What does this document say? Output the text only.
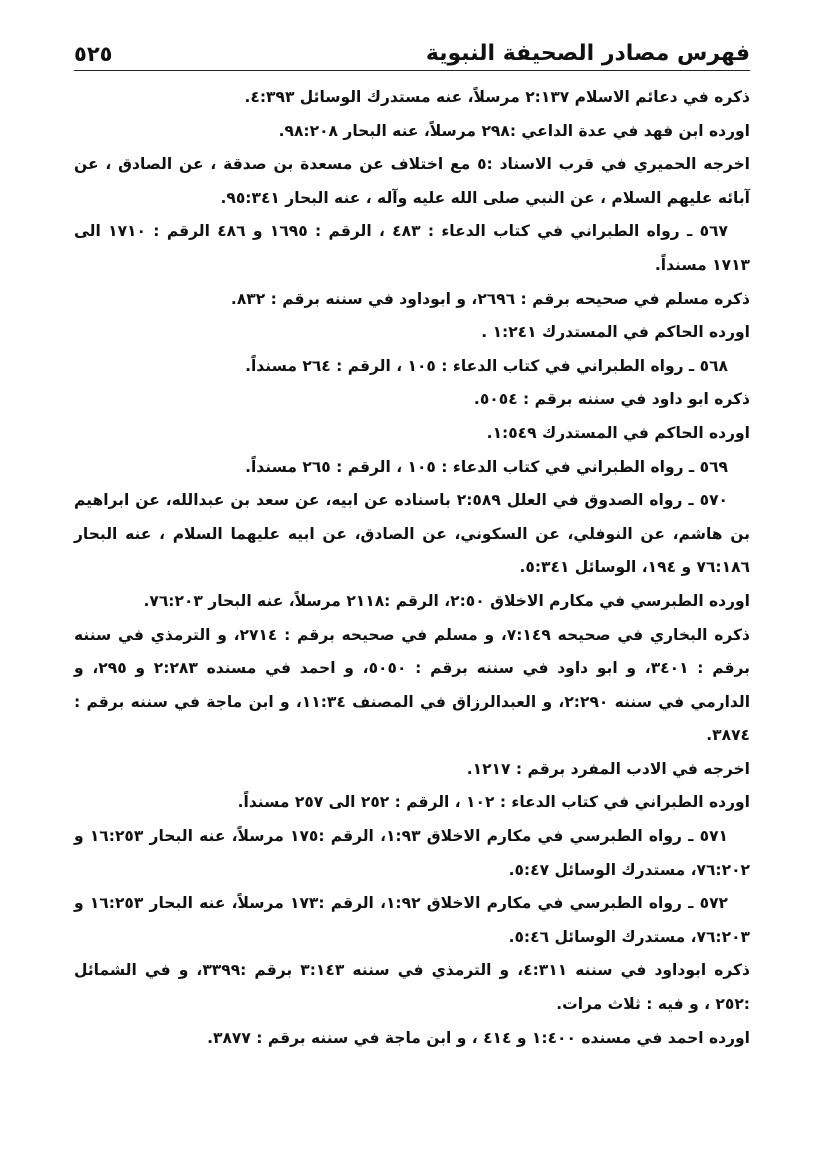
فهرس مصادر الصحيفة النبوية
٥٢٥

ذكره في دعائم الاسلام ٢:١٣٧ مرسلاً، عنه مستدرك الوسائل ٤:٣٩٣.

اورده ابن فهد في عدة الداعي :٢٩٨ مرسلاً، عنه البحار ٩٨:٢٠٨.

اخرجه الحميري في قرب الاسناد :٥ مع اختلاف عن مسعدة بن صدقة ، عن الصادق ، عن آبائه عليهم السلام ، عن النبي صلى الله عليه وآله ، عنه البحار ٩٥:٣٤١.

٥٦٧ ـ رواه الطبراني في كتاب الدعاء : ٤٨٣ ، الرقم : ١٦٩٥ و ٤٨٦ الرقم : ١٧١٠ الى ١٧١٣ مسنداً.

ذكره مسلم في صحيحه برقم : ٢٦٩٦، و ابوداود في سننه برقم : ٨٣٢.

اورده الحاكم في المستدرك ١:٢٤١ .

٥٦٨ ـ رواه الطبراني في كتاب الدعاء : ١٠٥ ، الرقم : ٢٦٤ مسنداً.

ذكره ابو داود في سننه برقم : ٥٠٥٤.

اورده الحاكم في المستدرك ١:٥٤٩.

٥٦٩ ـ رواه الطبراني في كتاب الدعاء : ١٠٥ ، الرقم : ٢٦٥ مسنداً.

٥٧٠ ـ رواه الصدوق في العلل ٢:٥٨٩ باسناده عن ابيه، عن سعد بن عبدالله، عن ابراهيم بن هاشم، عن النوفلي، عن السكوني، عن الصادق، عن ابيه عليهما السلام ، عنه البحار ٧٦:١٨٦ و ١٩٤، الوسائل ٥:٣٤١.

اورده الطبرسي في مكارم الاخلاق ٢:٥٠، الرقم :٢١١٨ مرسلاً، عنه البحار ٧٦:٢٠٣.

ذكره البخاري في صحيحه ٧:١٤٩، و مسلم في صحيحه برقم : ٢٧١٤، و الترمذي في سننه برقم : ٣٤٠١، و ابو داود في سننه برقم : ٥٠٥٠، و احمد في مسنده ٢:٢٨٣ و ٢٩٥، و الدارمي في سننه ٢:٢٩٠، و العبدالرزاق في المصنف ١١:٣٤، و ابن ماجة في سننه برقم : ٣٨٧٤.

اخرجه في الادب المفرد برقم : ١٢١٧.

اورده الطبراني في كتاب الدعاء : ١٠٢ ، الرقم : ٢٥٢ الى ٢٥٧ مسنداً.

٥٧١ ـ رواه الطبرسي في مكارم الاخلاق ١:٩٣، الرقم :١٧٥ مرسلاً، عنه البحار ١٦:٢٥٣ و ٧٦:٢٠٢، مستدرك الوسائل ٥:٤٧.

٥٧٢ ـ رواه الطبرسي في مكارم الاخلاق ١:٩٢، الرقم :١٧٣ مرسلاً، عنه البحار ١٦:٢٥٣ و ٧٦:٢٠٣، مستدرك الوسائل ٥:٤٦.

ذكره ابوداود في سننه ٤:٣١١، و الترمذي في سننه ٣:١٤٣ برقم :٣٣٩٩، و في الشمائل :٢٥٢ ، و فيه : ثلاث مرات.

اورده احمد في مسنده ١:٤٠٠ و ٤١٤ ، و ابن ماجة في سننه برقم : ٣٨٧٧.
